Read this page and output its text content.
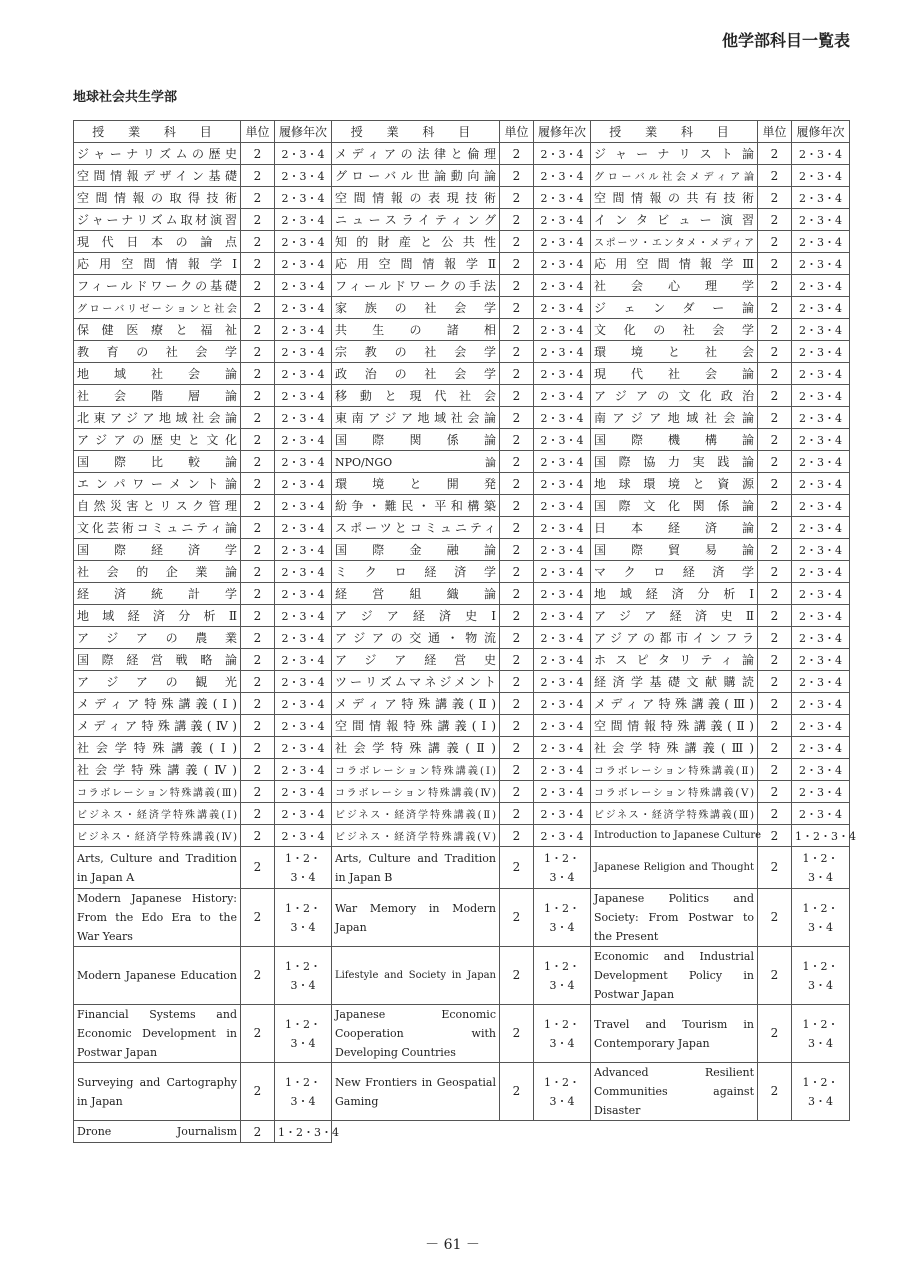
他学部科目一覧表
地球社会共生学部
授 業 科 目	単位	履修年次	授 業 科 目	単位	履修年次	授 業 科 目	単位	履修年次
ジャーナリズムの歴史	2	2・3・4	メディアの法律と倫理	2	2・3・4	ジャーナリスト論	2	2・3・4
空間情報デザイン基礎	2	2・3・4	グローバル世論動向論	2	2・3・4	グローバル社会メディア論	2	2・3・4
空間情報の取得技術	2	2・3・4	空間情報の表現技術	2	2・3・4	空間情報の共有技術	2	2・3・4
ジャーナリズム取材演習	2	2・3・4	ニュースライティング	2	2・3・4	インタビュー演習	2	2・3・4
現代日本の論点	2	2・3・4	知的財産と公共性	2	2・3・4	スポーツ・エンタメ・メディア	2	2・3・4
応用空間情報学Ⅰ	2	2・3・4	応用空間情報学Ⅱ	2	2・3・4	応用空間情報学Ⅲ	2	2・3・4
フィールドワークの基礎	2	2・3・4	フィールドワークの手法	2	2・3・4	社会心理学	2	2・3・4
グローバリゼーションと社会	2	2・3・4	家族の社会学	2	2・3・4	ジェンダー論	2	2・3・4
保健医療と福祉	2	2・3・4	共生の諸相	2	2・3・4	文化の社会学	2	2・3・4
教育の社会学	2	2・3・4	宗教の社会学	2	2・3・4	環境と社会	2	2・3・4
地域社会論	2	2・3・4	政治の社会学	2	2・3・4	現代社会論	2	2・3・4
社会階層論	2	2・3・4	移動と現代社会	2	2・3・4	アジアの文化政治	2	2・3・4
北東アジア地域社会論	2	2・3・4	東南アジア地域社会論	2	2・3・4	南アジア地域社会論	2	2・3・4
アジアの歴史と文化	2	2・3・4	国際関係論	2	2・3・4	国際機構論	2	2・3・4
国際比較論	2	2・3・4	NPO/NGO論	2	2・3・4	国際協力実践論	2	2・3・4
エンパワーメント論	2	2・3・4	環境と開発	2	2・3・4	地球環境と資源	2	2・3・4
自然災害とリスク管理	2	2・3・4	紛争・難民・平和構築	2	2・3・4	国際文化関係論	2	2・3・4
文化芸術コミュニティ論	2	2・3・4	スポーツとコミュニティ	2	2・3・4	日本経済論	2	2・3・4
国際経済学	2	2・3・4	国際金融論	2	2・3・4	国際貿易論	2	2・3・4
社会的企業論	2	2・3・4	ミクロ経済学	2	2・3・4	マクロ経済学	2	2・3・4
経済統計学	2	2・3・4	経営組織論	2	2・3・4	地域経済分析Ⅰ	2	2・3・4
地域経済分析Ⅱ	2	2・3・4	アジア経済史Ⅰ	2	2・3・4	アジア経済史Ⅱ	2	2・3・4
アジアの農業	2	2・3・4	アジアの交通・物流	2	2・3・4	アジアの都市インフラ	2	2・3・4
国際経営戦略論	2	2・3・4	アジア経営史	2	2・3・4	ホスピタリティ論	2	2・3・4
アジアの観光	2	2・3・4	ツーリズムマネジメント	2	2・3・4	経済学基礎文献購読	2	2・3・4
メディア特殊講義(Ⅰ)	2	2・3・4	メディア特殊講義(Ⅱ)	2	2・3・4	メディア特殊講義(Ⅲ)	2	2・3・4
メディア特殊講義(Ⅳ)	2	2・3・4	空間情報特殊講義(Ⅰ)	2	2・3・4	空間情報特殊講義(Ⅱ)	2	2・3・4
社会学特殊講義(Ⅰ)	2	2・3・4	社会学特殊講義(Ⅱ)	2	2・3・4	社会学特殊講義(Ⅲ)	2	2・3・4
社会学特殊講義(Ⅳ)	2	2・3・4	コラボレーション特殊講義(Ⅰ)	2	2・3・4	コラボレーション特殊講義(Ⅱ)	2	2・3・4
コラボレーション特殊講義(Ⅲ)	2	2・3・4	コラボレーション特殊講義(Ⅳ)	2	2・3・4	コラボレーション特殊講義(Ⅴ)	2	2・3・4
ビジネス・経済学特殊講義(Ⅰ)	2	2・3・4	ビジネス・経済学特殊講義(Ⅱ)	2	2・3・4	ビジネス・経済学特殊講義(Ⅲ)	2	2・3・4
ビジネス・経済学特殊講義(Ⅳ)	2	2・3・4	ビジネス・経済学特殊講義(Ⅴ)	2	2・3・4	Introduction to Japanese Culture	2	1・2・3・4
Arts, Culture and Tradition in Japan A	2	1・2・3・4	Arts, Culture and Tradition in Japan B	2	1・2・3・4	Japanese Religion and Thought	2	1・2・3・4
Modern Japanese History: From the Edo Era to the War Years	2	1・2・3・4	War Memory in Modern Japan	2	1・2・3・4	Japanese Politics and Society: From Postwar to the Present	2	1・2・3・4
Modern Japanese Education	2	1・2・3・4	Lifestyle and Society in Japan	2	1・2・3・4	Economic and Industrial Development Policy in Postwar Japan	2	1・2・3・4
Financial Systems and Economic Development in Postwar Japan	2	1・2・3・4	Japanese Economic Cooperation with Developing Countries	2	1・2・3・4	Travel and Tourism in Contemporary Japan	2	1・2・3・4
Surveying and Cartography in Japan	2	1・2・3・4	New Frontiers in Geospatial Gaming	2	1・2・3・4	Advanced Resilient Communities against Disaster	2	1・2・3・4
Drone Journalism	2	1・2・3・4						
－ 61 －
